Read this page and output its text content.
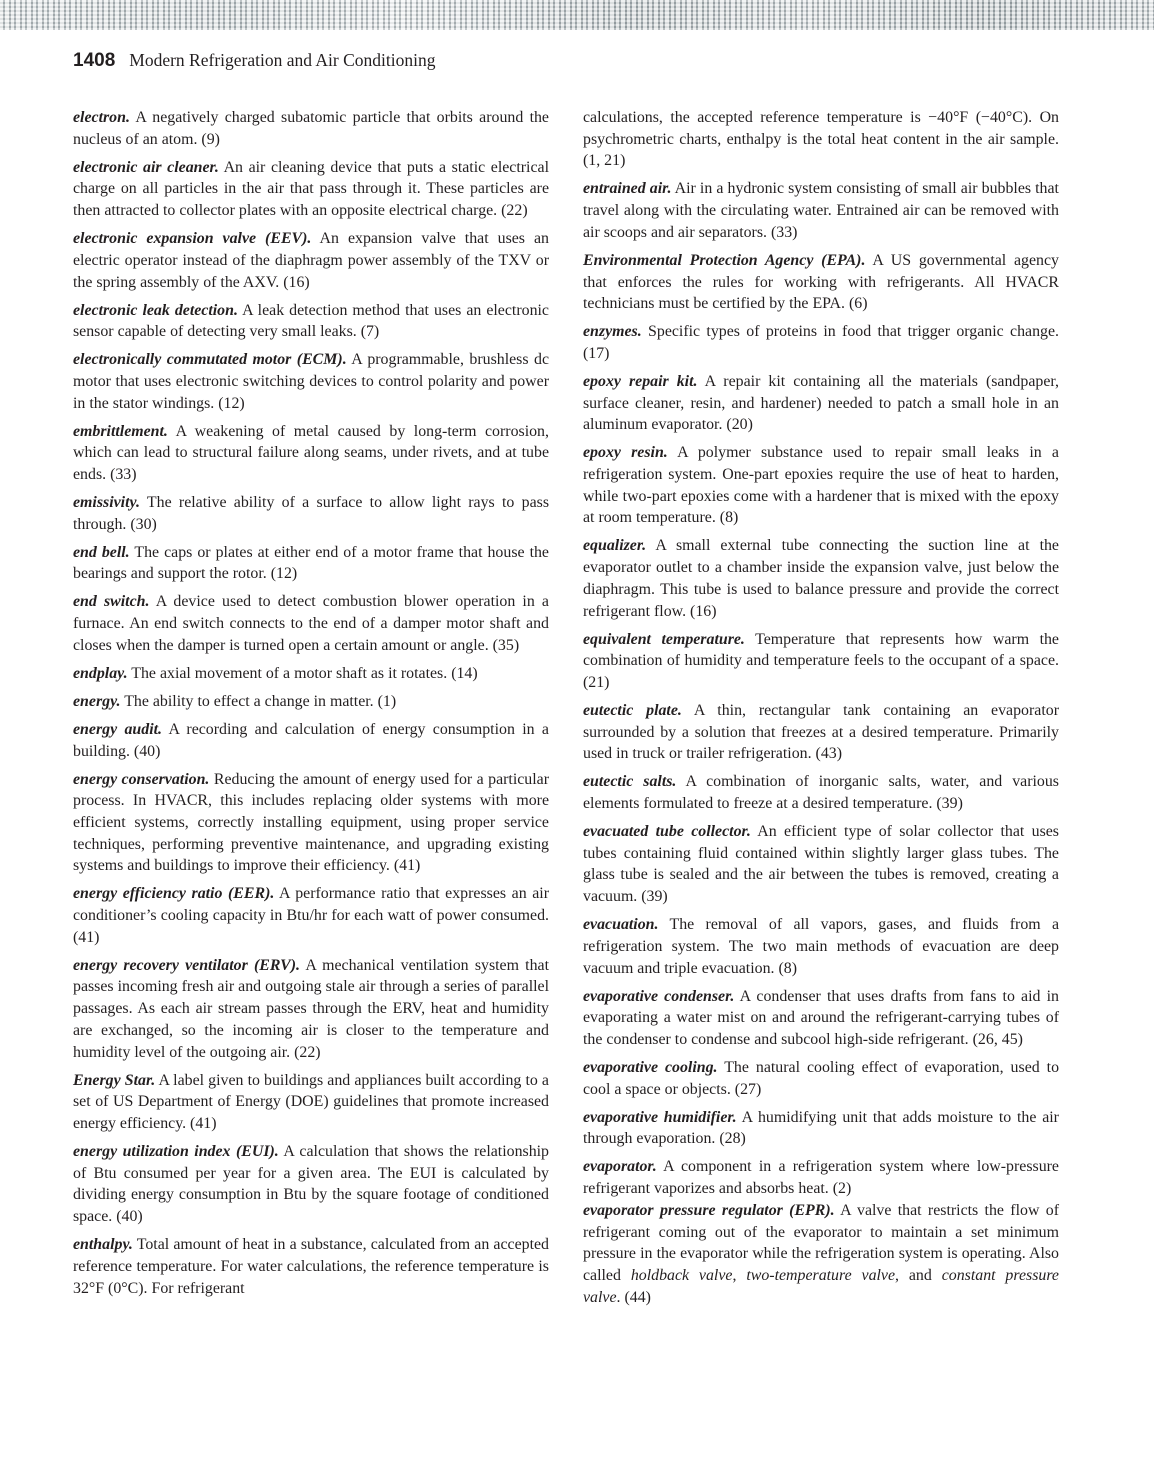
1408 Modern Refrigeration and Air Conditioning

electron. A negatively charged subatomic particle that orbits around the nucleus of an atom. (9)

electronic air cleaner. An air cleaning device that puts a static electrical charge on all particles in the air that pass through it. These particles are then attracted to collector plates with an opposite electrical charge. (22)

electronic expansion valve (EEV). An expansion valve that uses an electric operator instead of the diaphragm power assembly of the TXV or the spring assembly of the AXV. (16)

electronic leak detection. A leak detection method that uses an electronic sensor capable of detecting very small leaks. (7)

electronically commutated motor (ECM). A programmable, brushless dc motor that uses electronic switching devices to control polarity and power in the stator windings. (12)

embrittlement. A weakening of metal caused by long-term corrosion, which can lead to structural failure along seams, under rivets, and at tube ends. (33)

emissivity. The relative ability of a surface to allow light rays to pass through. (30)

end bell. The caps or plates at either end of a motor frame that house the bearings and support the rotor. (12)

end switch. A device used to detect combustion blower operation in a furnace. An end switch connects to the end of a damper motor shaft and closes when the damper is turned open a certain amount or angle. (35)

endplay. The axial movement of a motor shaft as it rotates. (14)

energy. The ability to effect a change in matter. (1)

energy audit. A recording and calculation of energy consumption in a building. (40)

energy conservation. Reducing the amount of energy used for a particular process. In HVACR, this includes replacing older systems with more efficient systems, correctly installing equipment, using proper service techniques, performing preventive maintenance, and upgrading existing systems and buildings to improve their efficiency. (41)

energy efficiency ratio (EER). A performance ratio that expresses an air conditioner’s cooling capacity in Btu/hr for each watt of power consumed. (41)

energy recovery ventilator (ERV). A mechanical ventilation system that passes incoming fresh air and outgoing stale air through a series of parallel passages. As each air stream passes through the ERV, heat and humidity are exchanged, so the incoming air is closer to the temperature and humidity level of the outgoing air. (22)

Energy Star. A label given to buildings and appliances built according to a set of US Department of Energy (DOE) guidelines that promote increased energy efficiency. (41)

energy utilization index (EUI). A calculation that shows the relationship of Btu consumed per year for a given area. The EUI is calculated by dividing energy consumption in Btu by the square footage of conditioned space. (40)

enthalpy. Total amount of heat in a substance, calculated from an accepted reference temperature. For water calculations, the reference temperature is 32°F (0°C). For refrigerant

calculations, the accepted reference temperature is −40°F (−40°C). On psychrometric charts, enthalpy is the total heat content in the air sample. (1, 21)

entrained air. Air in a hydronic system consisting of small air bubbles that travel along with the circulating water. Entrained air can be removed with air scoops and air separators. (33)

Environmental Protection Agency (EPA). A US governmental agency that enforces the rules for working with refrigerants. All HVACR technicians must be certified by the EPA. (6)

enzymes. Specific types of proteins in food that trigger organic change. (17)

epoxy repair kit. A repair kit containing all the materials (sandpaper, surface cleaner, resin, and hardener) needed to patch a small hole in an aluminum evaporator. (20)

epoxy resin. A polymer substance used to repair small leaks in a refrigeration system. One-part epoxies require the use of heat to harden, while two-part epoxies come with a hardener that is mixed with the epoxy at room temperature. (8)

equalizer. A small external tube connecting the suction line at the evaporator outlet to a chamber inside the expansion valve, just below the diaphragm. This tube is used to balance pressure and provide the correct refrigerant flow. (16)

equivalent temperature. Temperature that represents how warm the combination of humidity and temperature feels to the occupant of a space. (21)

eutectic plate. A thin, rectangular tank containing an evaporator surrounded by a solution that freezes at a desired temperature. Primarily used in truck or trailer refrigeration. (43)

eutectic salts. A combination of inorganic salts, water, and various elements formulated to freeze at a desired temperature. (39)

evacuated tube collector. An efficient type of solar collector that uses tubes containing fluid contained within slightly larger glass tubes. The glass tube is sealed and the air between the tubes is removed, creating a vacuum. (39)

evacuation. The removal of all vapors, gases, and fluids from a refrigeration system. The two main methods of evacuation are deep vacuum and triple evacuation. (8)

evaporative condenser. A condenser that uses drafts from fans to aid in evaporating a water mist on and around the refrigerant-carrying tubes of the condenser to condense and subcool high-side refrigerant. (26, 45)

evaporative cooling. The natural cooling effect of evaporation, used to cool a space or objects. (27)

evaporative humidifier. A humidifying unit that adds moisture to the air through evaporation. (28)

evaporator. A component in a refrigeration system where low-pressure refrigerant vaporizes and absorbs heat. (2)

evaporator pressure regulator (EPR). A valve that restricts the flow of refrigerant coming out of the evaporator to maintain a set minimum pressure in the evaporator while the refrigeration system is operating. Also called holdback valve, two-temperature valve, and constant pressure valve. (44)
